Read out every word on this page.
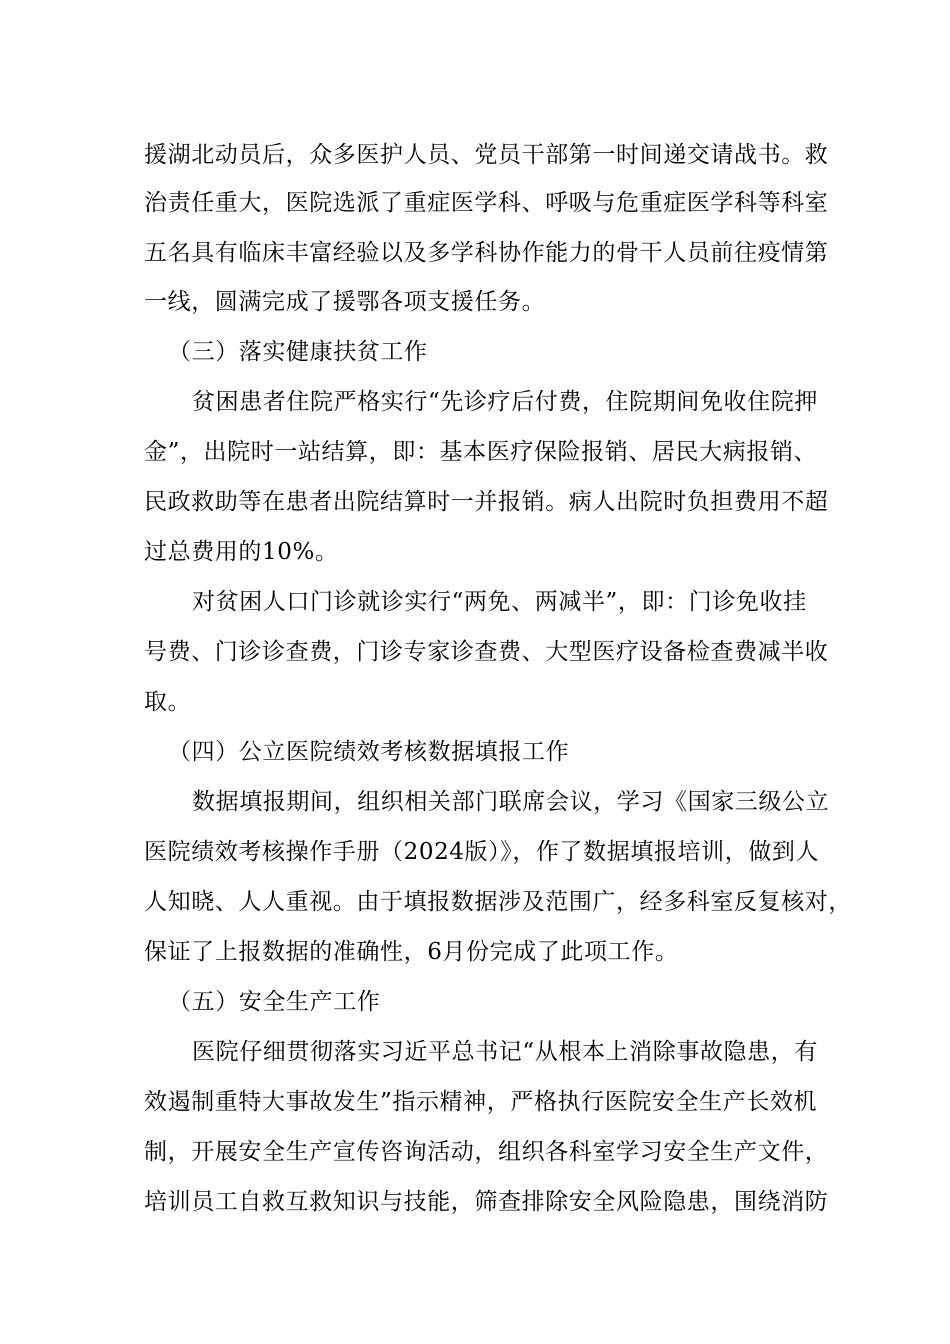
援湖北动员后，众多医护人员、党员干部第一时间递交请战书。救
治责任重大，医院选派了重症医学科、呼吸与危重症医学科等科室
五名具有临床丰富经验以及多学科协作能力的骨干人员前往疫情第
一线，圆满完成了援鄂各项支援任务。
（三）落实健康扶贫工作
贫困患者住院严格实行“先诊疗后付费，住院期间免收住院押
金”，出院时一站结算，即：基本医疗保险报销、居民大病报销、
民政救助等在患者出院结算时一并报销。病人出院时负担费用不超
过总费用的10%。
对贫困人口门诊就诊实行“两免、两减半”，即：门诊免收挂
号费、门诊诊查费，门诊专家诊查费、大型医疗设备检查费减半收
取。
（四）公立医院绩效考核数据填报工作
数据填报期间，组织相关部门联席会议，学习《国家三级公立
医院绩效考核操作手册（2024版）》，作了数据填报培训，做到人
人知晓、人人重视。由于填报数据涉及范围广，经多科室反复核对，
保证了上报数据的准确性，6月份完成了此项工作。
（五）安全生产工作
医院仔细贯彻落实习近平总书记“从根本上消除事故隐患，有
效遏制重特大事故发生”指示精神，严格执行医院安全生产长效机
制，开展安全生产宣传咨询活动，组织各科室学习安全生产文件，
培训员工自救互救知识与技能，筛查排除安全风险隐患，围绕消防
